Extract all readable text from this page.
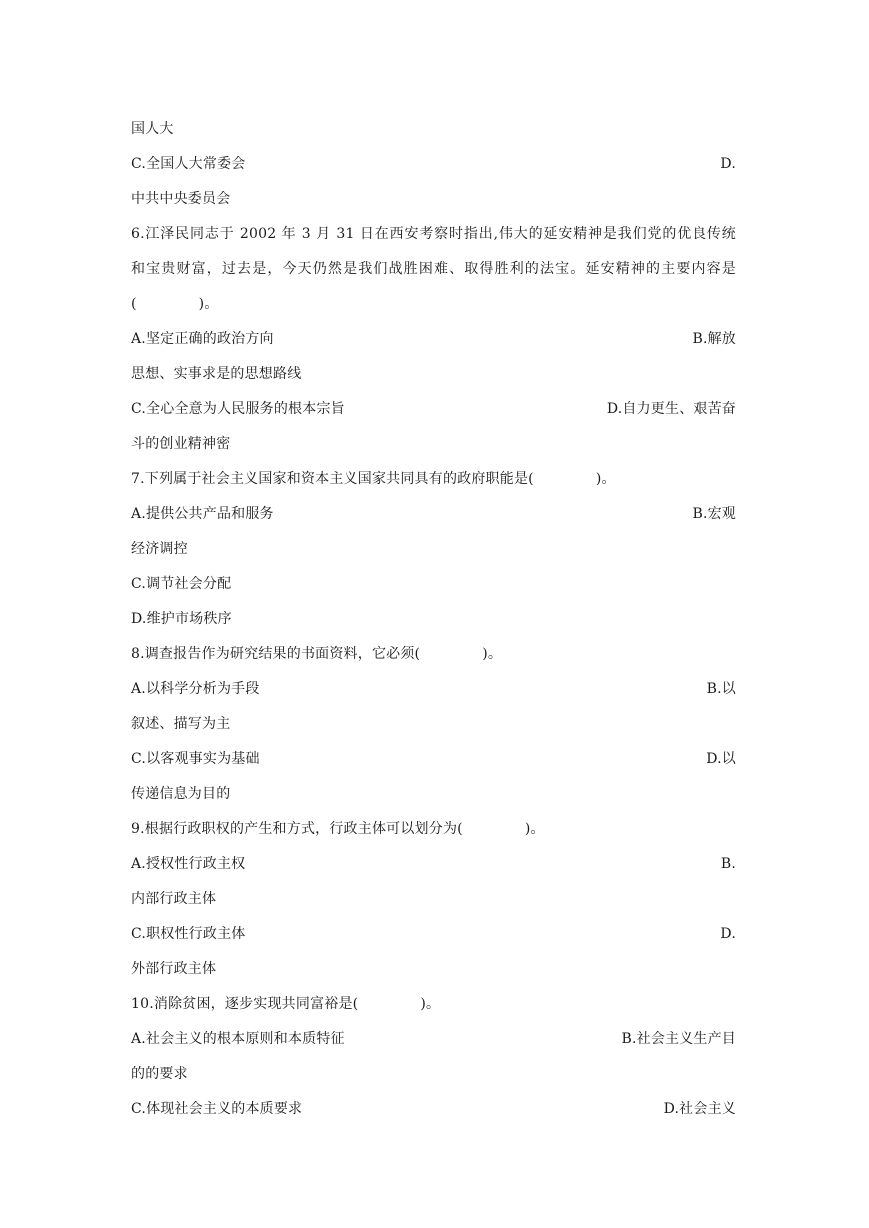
国人大
C.全国人大常委会	D.
中共中央委员会
6.江泽民同志于 2002 年 3 月 31 日在西安考察时指出,伟大的延安精神是我们党的优良传统
和宝贵财富，过去是，今天仍然是我们战胜困难、取得胜利的法宝。延安精神的主要内容是
(	)。
A.坚定正确的政治方向	B.解放
思想、实事求是的思想路线
C.全心全意为人民服务的根本宗旨	D.自力更生、艰苦奋
斗的创业精神密
7.下列属于社会主义国家和资本主义国家共同具有的政府职能是(	)。
A.提供公共产品和服务	B.宏观
经济调控
C.调节社会分配
D.维护市场秩序
8.调查报告作为研究结果的书面资料，它必须(	)。
A.以科学分析为手段	B.以
叙述、描写为主
C.以客观事实为基础	D.以
传递信息为目的
9.根据行政职权的产生和方式，行政主体可以划分为(	)。
A.授权性行政主权	B.
内部行政主体
C.职权性行政主体	D.
外部行政主体
10.消除贫困，逐步实现共同富裕是(	)。
A.社会主义的根本原则和本质特征	B.社会主义生产目
的的要求
C.体现社会主义的本质要求	D.社会主义
